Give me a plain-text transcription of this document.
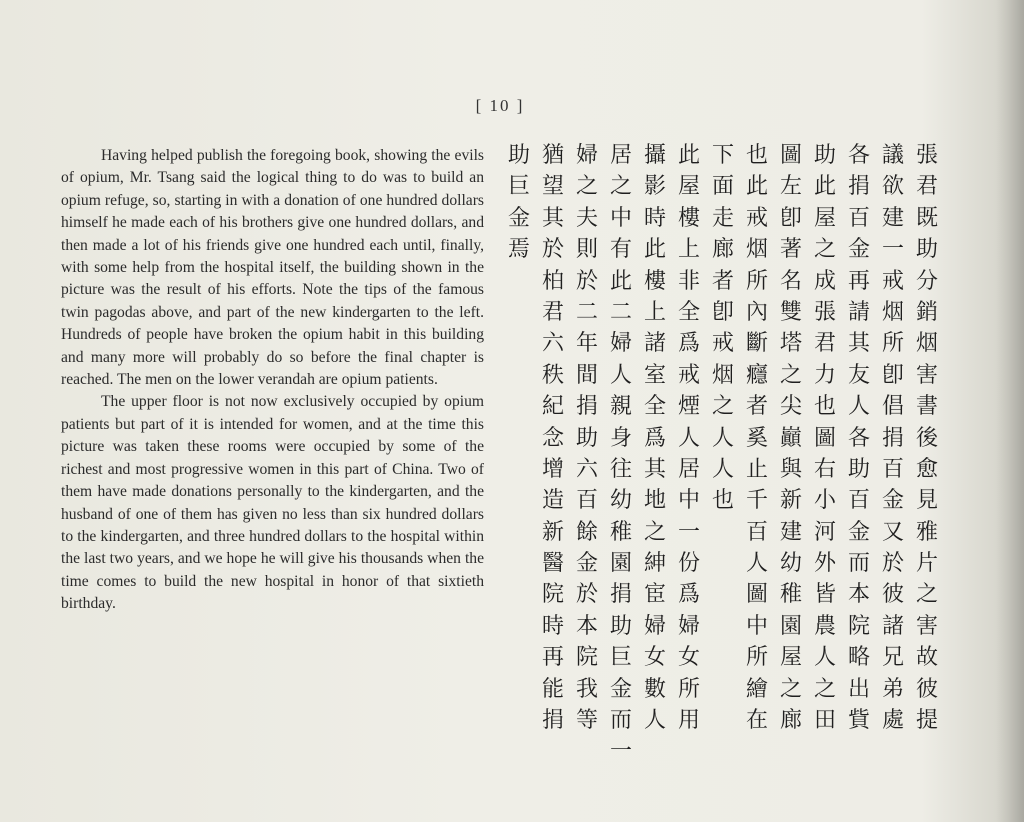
[ 10 ]

Having helped publish the foregoing book, showing the evils of opium, Mr. Tsang said the logical thing to do was to build an opium refuge, so, starting in with a donation of one hundred dollars himself he made each of his brothers give one hundred dollars, and then made a lot of his friends give one hundred each until, finally, with some help from the hospital itself, the building shown in the picture was the result of his efforts. Note the tips of the famous twin pagodas above, and part of the new kindergarten to the left. Hundreds of people have broken the opium habit in this building and many more will probably do so before the final chapter is reached. The men on the lower verandah are opium patients.

The upper floor is not now exclusively occupied by opium patients but part of it is intended for women, and at the time this picture was taken these rooms were occupied by some of the richest and most progressive women in this part of China. Two of them have made donations personally to the kindergarten, and the husband of one of them has given no less than six hundred dollars to the kindergarten, and three hundred dollars to the hospital within the last two years, and we hope he will give his thousands when the time comes to build the new hospital in honor of that sixtieth birthday.

張
君
既
助
分
銷
烟
害
書
後
愈
見
雅
片
之
害
故
彼
提
議
欲
建
一
戒
烟
所
卽
倡
捐
百
金
又
於
彼
諸
兄
弟
處
各
捐
百
金
再
請
其
友
人
各
助
百
金
而
本
院
略
出
貲
助
此
屋
之
成
張
君
力
也
圖
右
小
河
外
皆
農
人
之
田
圖
左
卽
著
名
雙
塔
之
尖
巓
與
新
建
幼
稚
園
屋
之
廊
也
此
戒
烟
所
內
斷
癮
者
奚
止
千
百
人
圖
中
所
繪
在
下
面
走
廊
者
卽
戒
烟
之
人
人
也
此
屋
樓
上
非
全
爲
戒
煙
人
居
中
一
份
爲
婦
女
所
用
攝
影
時
此
樓
上
諸
室
全
爲
其
地
之
紳
宦
婦
女
數
人
居
之
中
有
此
二
婦
人
親
身
往
幼
稚
園
捐
助
巨
金
而
一
婦
之
夫
則
於
二
年
間
捐
助
六
百
餘
金
於
本
院
我
等
猶
望
其
於
柏
君
六
秩
紀
念
增
造
新
醫
院
時
再
能
捐
助
巨
金
焉
